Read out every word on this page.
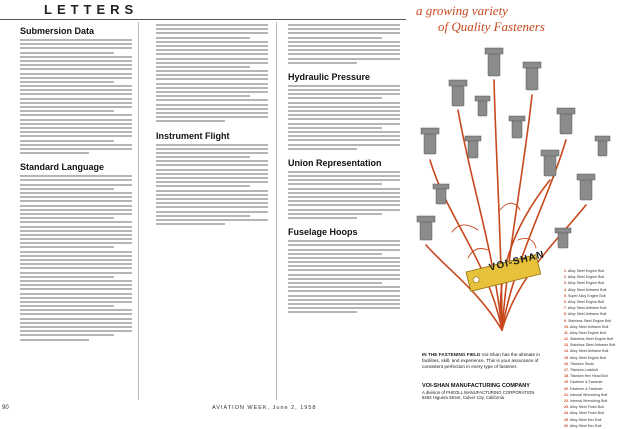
LETTERS
Submersion Data
Standard Language
Instrument Flight
Hydraulic Pressure
Union Representation
Fuselage Hoops
90	AVIATION WEEK, June 2, 1958
a growing variety
of Quality Fasteners
VOI-SHAN	1. Alloy Steel Engine Bolt
2. Alloy Steel Engine Bolt
3. Alloy Steel Engine Bolt
4. Alloy Steel Airframe Bolt
5. Super Alloy Engine Bolt
6. Alloy Steel Engine Bolt
7. Alloy Steel Airframe Bolt
8. Alloy Steel Airframe Bolt
9. Stainless Steel Engine Bolt
10. Alloy Steel Airframe Bolt
11. Alloy Steel Engine Bolt
12. Stainless Steel Engine Bolt
13. Stainless Steel Airframe Bolt
14. Alloy Steel Airframe Bolt
15. Alloy Steel Engine Bolt
16. Titanium Studs
17. Titanium Lockbolt
18. Titanium Hex Head Bolt
19. Fastener & Fastener
20. Fastener & Fastener
21. Internal Wrenching Bolt
22. Internal Wrenching Bolt
23. Alloy Steel Flush Bolt
24. Alloy Steel Flush Bolt
25. Alloy Steel Hex Bolt
26. Alloy Steel Hex Bolt
IN THE FASTENING FIELD Voi-Shan has the ultimate in facilities, skill, and experience. This is your assurance of consistent perfection in every type of fastener.
VOI-SHAN MANUFACTURING COMPANY
A division of PHEOLL MANUFACTURING CORPORATION
8463 Higuera Street, Culver City, California
